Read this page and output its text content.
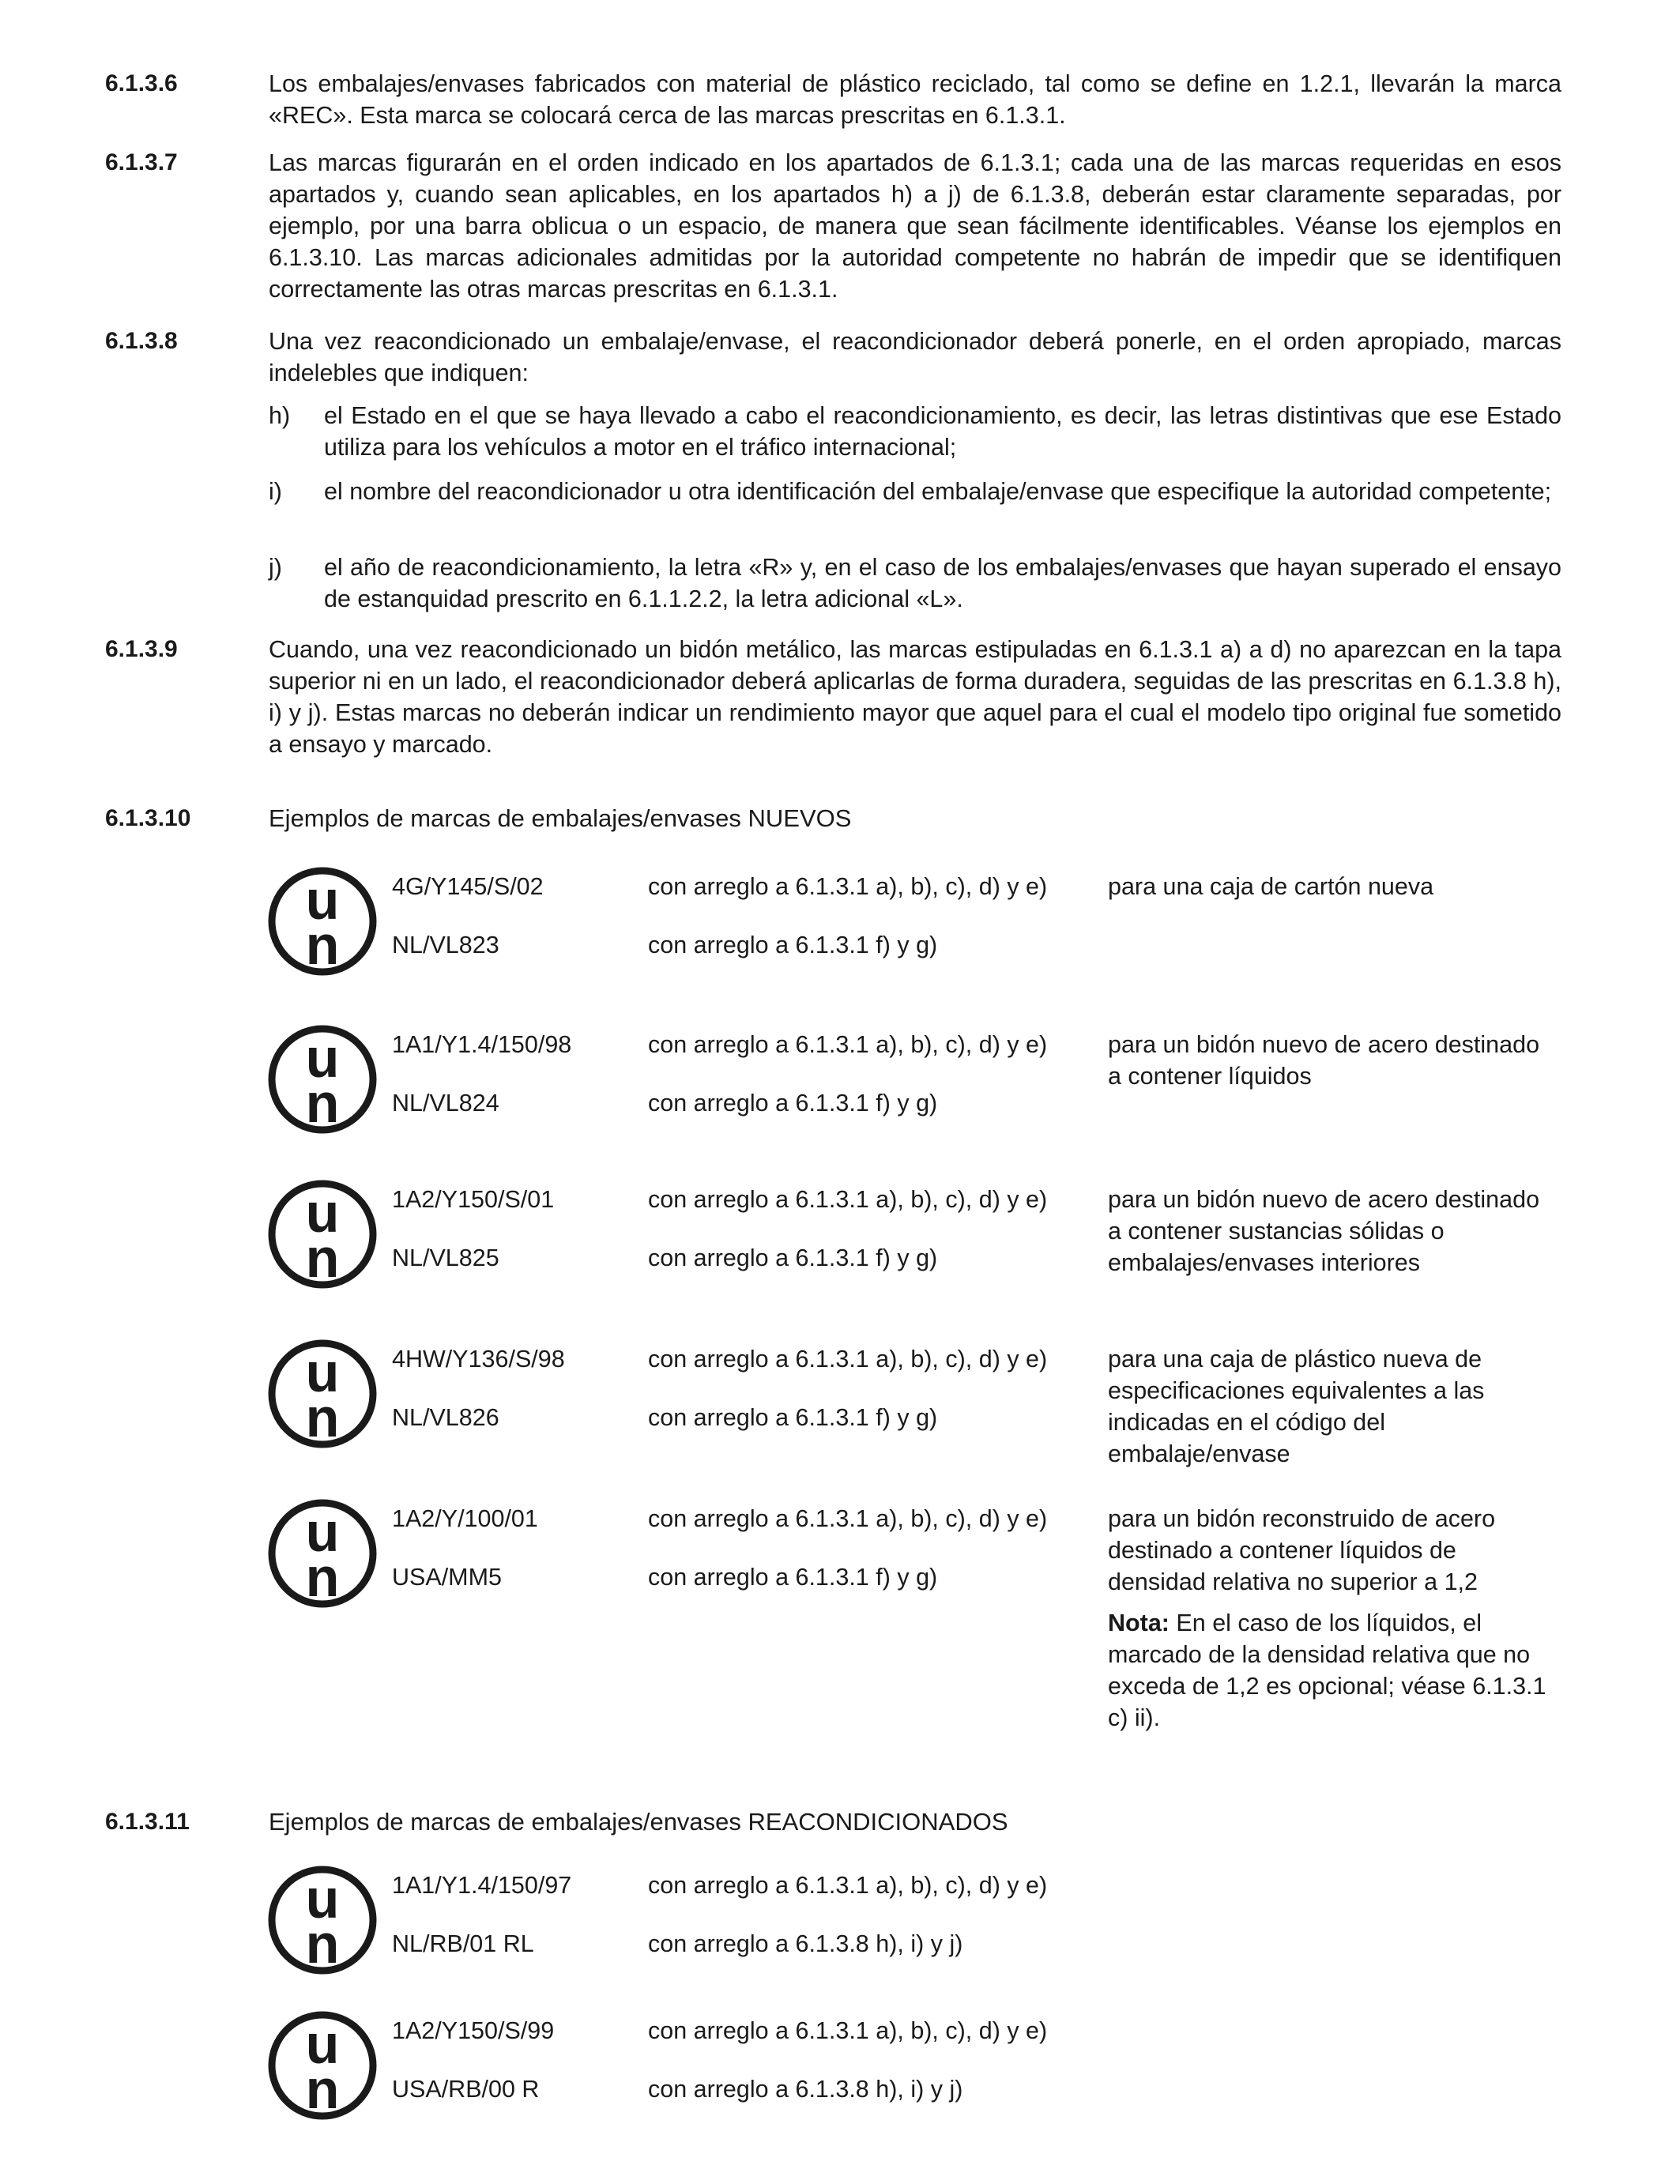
6.1.3.6	Los embalajes/envases fabricados con material de plástico reciclado, tal como se define en 1.2.1, llevarán la marca «REC». Esta marca se colocará cerca de las marcas prescritas en 6.1.3.1.
6.1.3.7	Las marcas figurarán en el orden indicado en los apartados de 6.1.3.1; cada una de las marcas requeridas en esos apartados y, cuando sean aplicables, en los apartados h) a j) de 6.1.3.8, deberán estar claramente separadas, por ejemplo, por una barra oblicua o un espacio, de manera que sean fácilmente identificables. Véanse los ejemplos en 6.1.3.10. Las marcas adicionales admitidas por la autoridad competente no habrán de impedir que se identifiquen correctamente las otras marcas prescritas en 6.1.3.1.
6.1.3.8	Una vez reacondicionado un embalaje/envase, el reacondicionador deberá ponerle, en el orden apropiado, marcas indelebles que indiquen:
h) el Estado en el que se haya llevado a cabo el reacondicionamiento, es decir, las letras distintivas que ese Estado utiliza para los vehículos a motor en el tráfico internacional;
i) el nombre del reacondicionador u otra identificación del embalaje/envase que especifique la autoridad competente;
j) el año de reacondicionamiento, la letra «R» y, en el caso de los embalajes/envases que hayan superado el ensayo de estanquidad prescrito en 6.1.1.2.2, la letra adicional «L».
6.1.3.9	Cuando, una vez reacondicionado un bidón metálico, las marcas estipuladas en 6.1.3.1 a) a d) no aparezcan en la tapa superior ni en un lado, el reacondicionador deberá aplicarlas de forma duradera, seguidas de las prescritas en 6.1.3.8 h), i) y j). Estas marcas no deberán indicar un rendimiento mayor que aquel para el cual el modelo tipo original fue sometido a ensayo y marcado.
6.1.3.10	Ejemplos de marcas de embalajes/envases NUEVOS
u
n
4G/Y145/S/02	con arreglo a 6.1.3.1 a), b), c), d) y e)
NL/VL823	con arreglo a 6.1.3.1 f) y g)
para una caja de cartón nueva
u
n
1A1/Y1.4/150/98	con arreglo a 6.1.3.1 a), b), c), d) y e)
NL/VL824	con arreglo a 6.1.3.1 f) y g)
para un bidón nuevo de acero destinado a contener líquidos
u
n
1A2/Y150/S/01	con arreglo a 6.1.3.1 a), b), c), d) y e)
NL/VL825	con arreglo a 6.1.3.1 f) y g)
para un bidón nuevo de acero destinado a contener sustancias sólidas o embalajes/envases interiores
u
n
4HW/Y136/S/98	con arreglo a 6.1.3.1 a), b), c), d) y e)
NL/VL826	con arreglo a 6.1.3.1 f) y g)
para una caja de plástico nueva de especificaciones equivalentes a las indicadas en el código del embalaje/envase
u
n
1A2/Y/100/01	con arreglo a 6.1.3.1 a), b), c), d) y e)
USA/MM5	con arreglo a 6.1.3.1 f) y g)
para un bidón reconstruido de acero destinado a contener líquidos de densidad relativa no superior a 1,2
Nota: En el caso de los líquidos, el marcado de la densidad relativa que no exceda de 1,2 es opcional; véase 6.1.3.1 c) ii).
6.1.3.11	Ejemplos de marcas de embalajes/envases REACONDICIONADOS
u
n
1A1/Y1.4/150/97	con arreglo a 6.1.3.1 a), b), c), d) y e)
NL/RB/01 RL	con arreglo a 6.1.3.8 h), i) y j)
u
n
1A2/Y150/S/99	con arreglo a 6.1.3.1 a), b), c), d) y e)
USA/RB/00 R	con arreglo a 6.1.3.8 h), i) y j)
